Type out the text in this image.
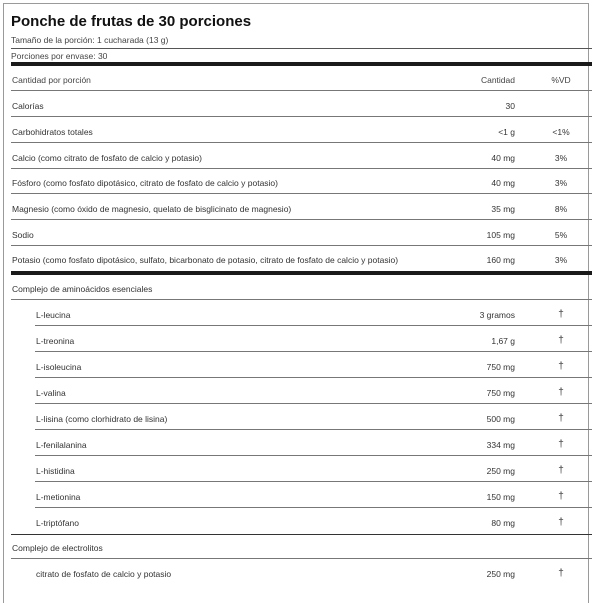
Ponche de frutas de 30 porciones
Tamaño de la porción: 1 cucharada (13 g)
Porciones por envase: 30
Cantidad por porción	Cantidad	%VD
Calorías	30
Carbohidratos totales	<1 g	<1%
Calcio (como citrato de fosfato de calcio y potasio)	40 mg	3%
Fósforo (como fosfato dipotásico, citrato de fosfato de calcio y potasio)	40 mg	3%
Magnesio (como óxido de magnesio, quelato de bisglicinato de magnesio)	35 mg	8%
Sodio	105 mg	5%
Potasio (como fosfato dipotásico, sulfato, bicarbonato de potasio, citrato de fosfato de calcio y potasio)	160 mg	3%
Complejo de aminoácidos esenciales
L-leucina	3 gramos	†
L-treonina	1,67 g	†
L-isoleucina	750 mg	†
L-valina	750 mg	†
L-lisina (como clorhidrato de lisina)	500 mg	†
L-fenilalanina	334 mg	†
L-histidina	250 mg	†
L-metionina	150 mg	†
L-triptófano	80 mg	†
Complejo de electrolitos
citrato de fosfato de calcio y potasio	250 mg	†
